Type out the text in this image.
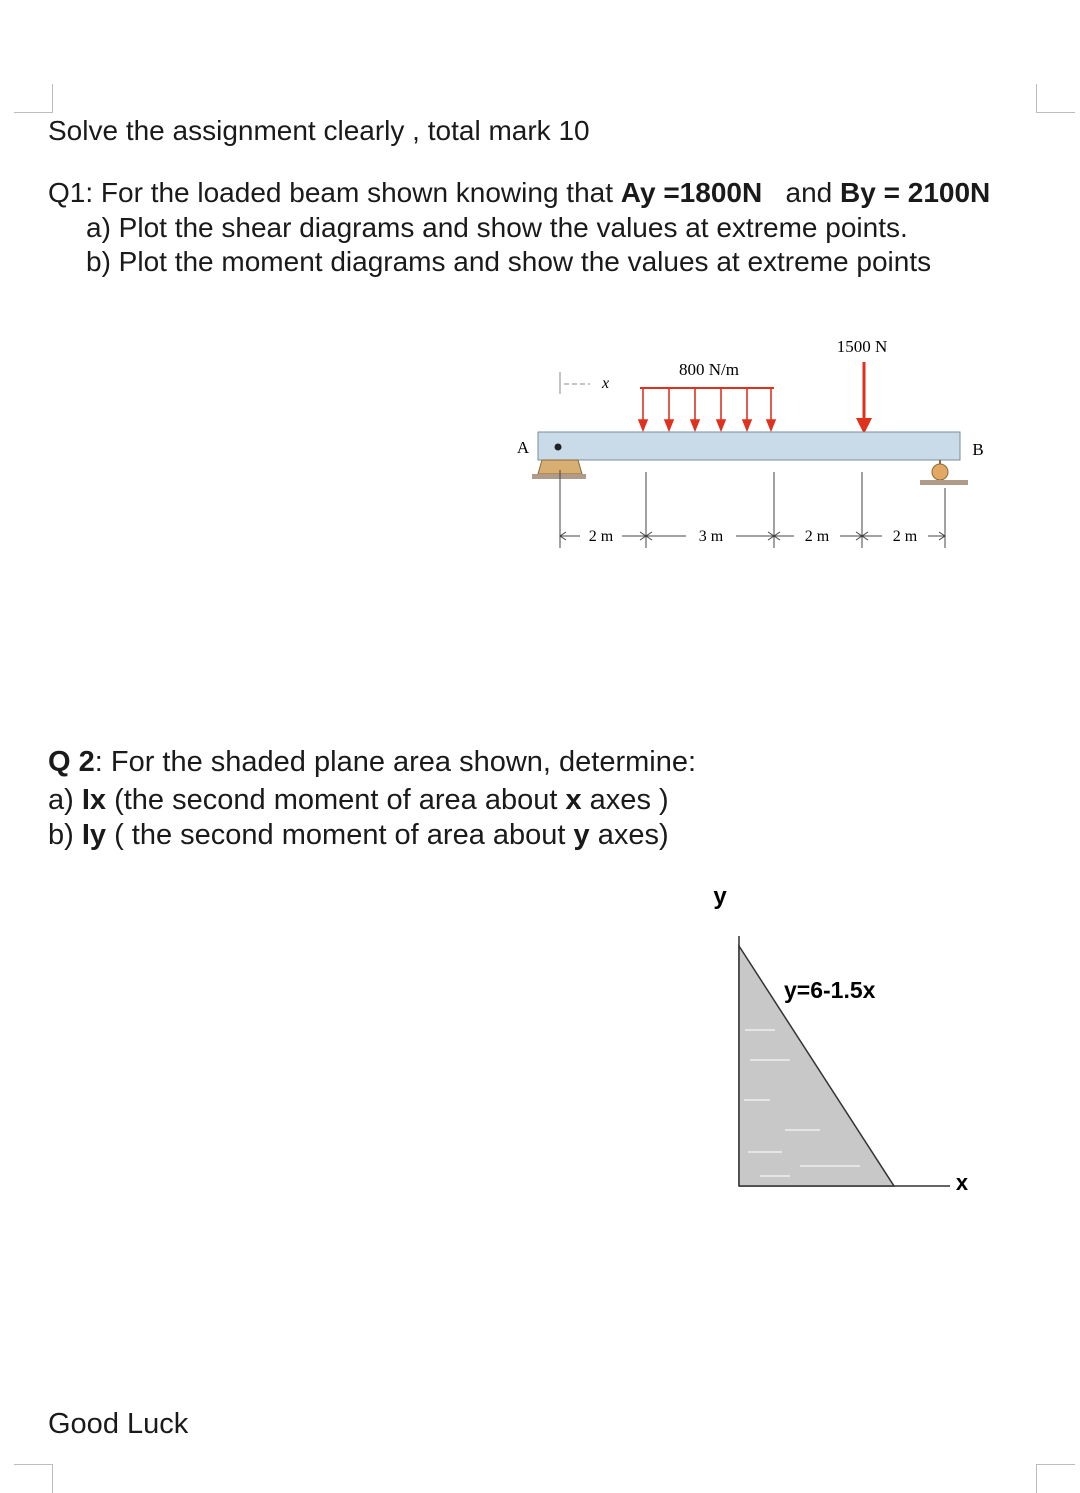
Solve the assignment clearly , total mark 10
Q1: For the loaded beam shown knowing that Ay =1800N   and By = 2100N
a) Plot the shear diagrams and show the values at extreme points.
b) Plot the moment diagrams and show the values at extreme points
1500 N
800 N/m
x
A	B
2 m	3 m	2 m	2 m
Q 2: For the shaded plane area shown, determine:
a) Ix (the second moment of area about x axes )
b) Iy ( the second moment of area about y axes)
y
y=6-1.5x
x
Good Luck
